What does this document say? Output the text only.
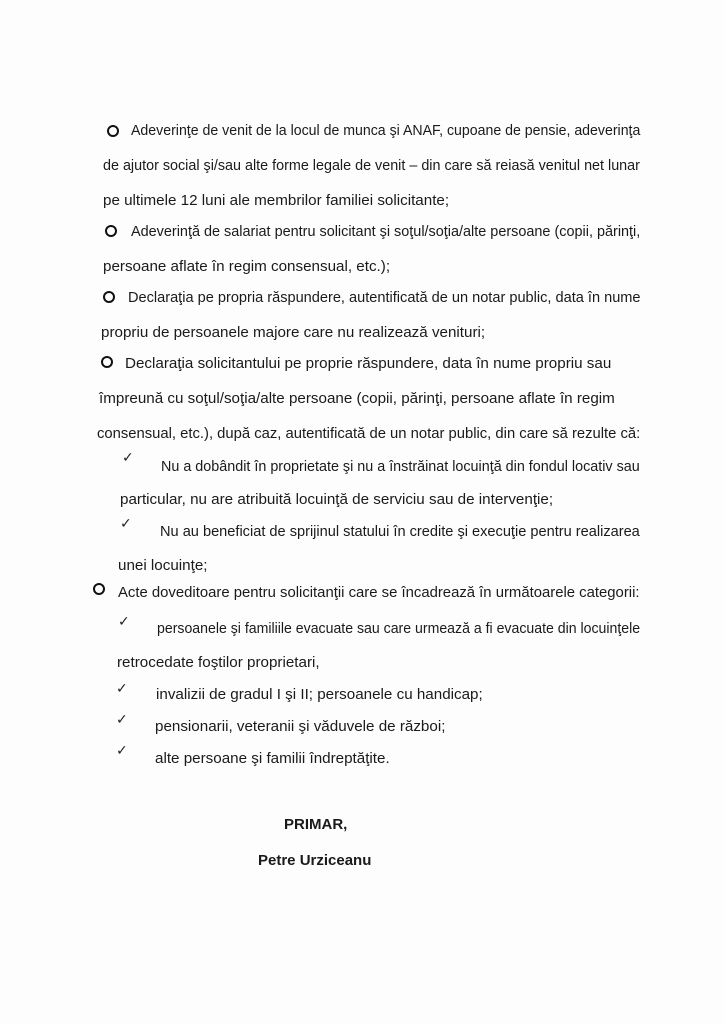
Adeverinţe de venit de la locul de munca şi ANAF, cupoane de pensie, adeverinţa
de ajutor social şi/sau alte forme legale de venit – din care să reiasă venitul net lunar
pe ultimele 12 luni ale membrilor familiei solicitante;
Adeverinţă de salariat pentru solicitant şi soţul/soţia/alte persoane (copii, părinţi,
persoane aflate în regim consensual, etc.);
Declaraţia pe propria răspundere, autentificată de un notar public, data în nume
propriu de persoanele majore care nu realizează venituri;
Declaraţia solicitantului pe proprie răspundere, data în nume propriu sau
împreună cu soţul/soţia/alte persoane (copii, părinţi, persoane aflate în regim
consensual, etc.), după caz, autentificată de un notar public, din care să rezulte că:
✓ Nu a dobândit în proprietate şi nu a înstrăinat locuinţă din fondul locativ sau
particular, nu are atribuită locuinţă de serviciu sau de intervenţie;
✓ Nu au beneficiat de sprijinul statului în credite şi execuţie pentru realizarea
unei locuinţe;
Acte doveditoare pentru solicitanţii care se încadrează în următoarele categorii:
✓ persoanele şi familiile evacuate sau care urmează a fi evacuate din locuinţele
retrocedate foştilor proprietari,
✓ invalizii de gradul I şi II; persoanele cu handicap;
✓ pensionarii, veteranii şi văduvele de război;
✓ alte persoane şi familii îndreptăţite.
PRIMAR,
Petre Urziceanu
